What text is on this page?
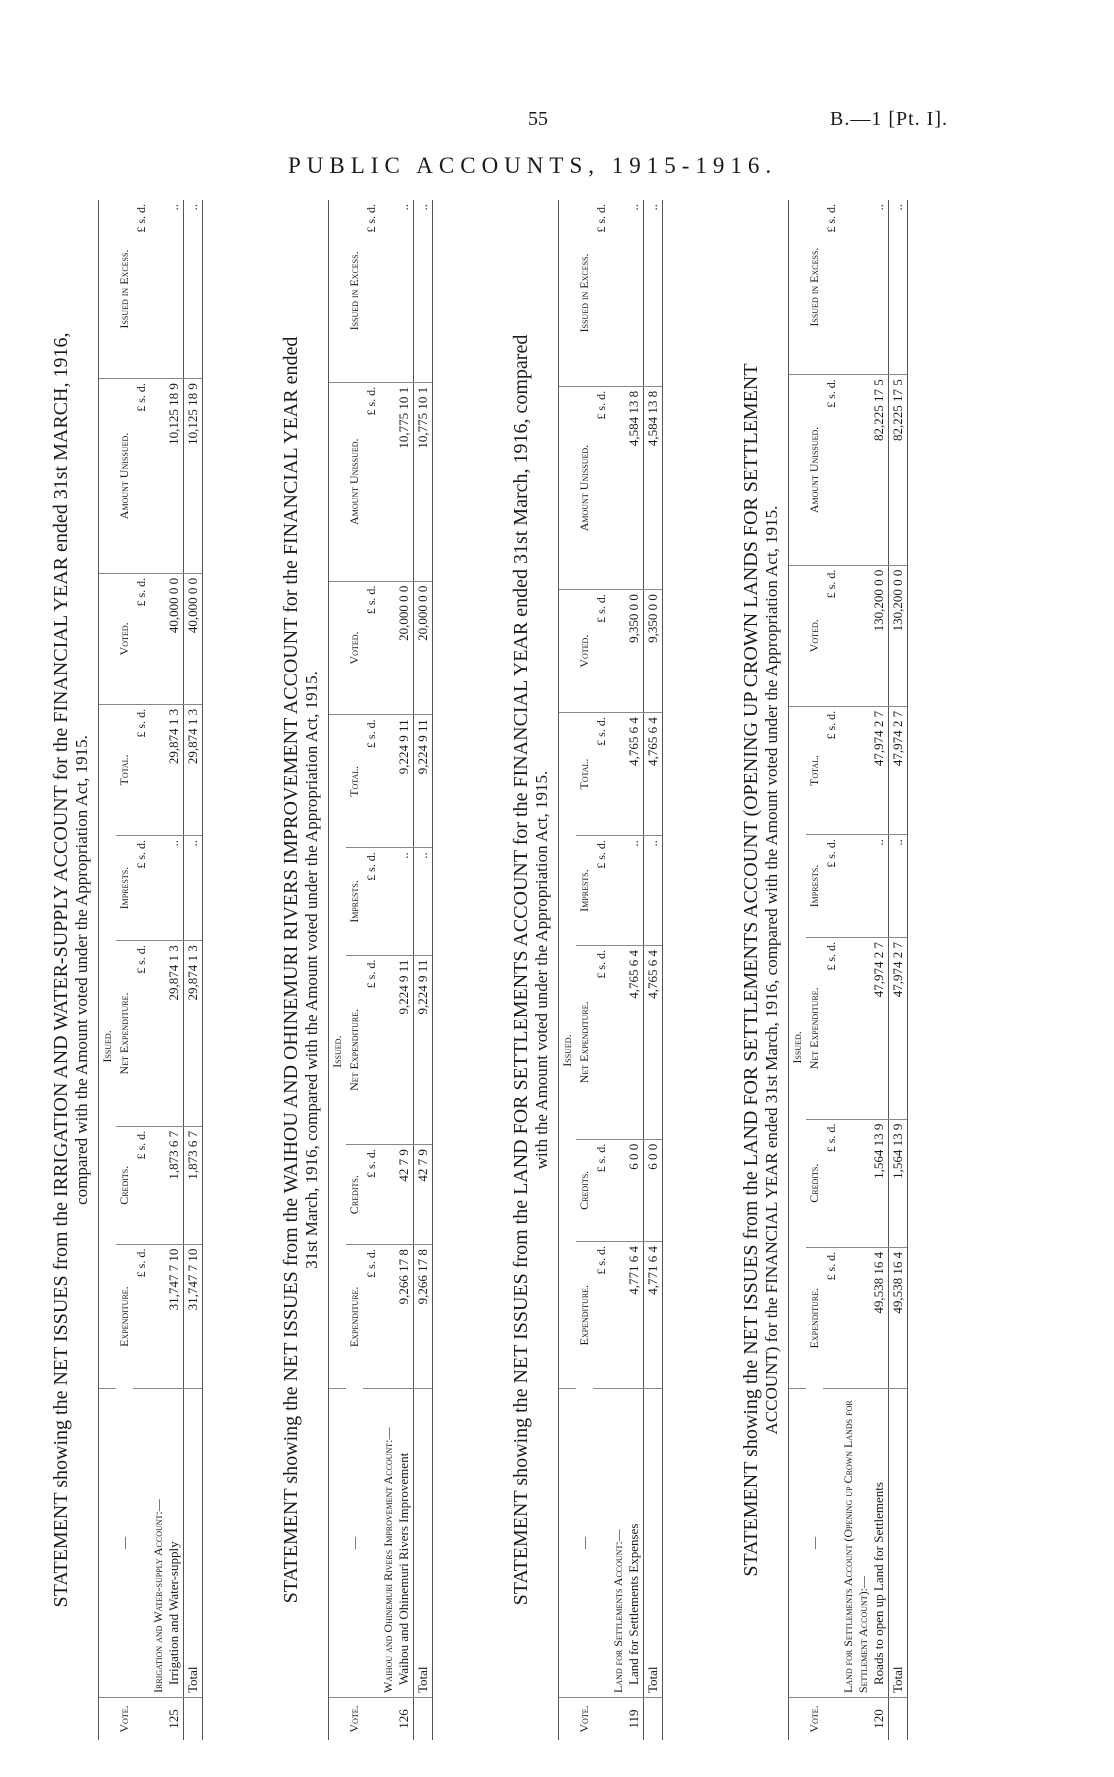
55	B.—1 [Pt. I].
PUBLIC ACCOUNTS, 1915-1916.
STATEMENT showing the NET ISSUES from the IRRIGATION AND WATER-SUPPLY ACCOUNT for the FINANCIAL YEAR ended 31st MARCH, 1916, compared with the Amount voted under the Appropriation Act, 1915.
Vote.	—	Issued.					Voted.	Amount Unissued.	Issued in Excess.
		Expenditure.	Credits.	Net Expenditure.	Imprests.	Total.			
		£ s. d.	£ s. d.	£ s. d.	£ s. d.	£ s. d.	£ s. d.	£ s. d.	£ s. d.
125	Irrigation and Water-supply Account:— Irrigation and Water-supply	31,747 7 10	1,873 6 7	29,874 1 3	..	29,874 1 3	40,000 0 0	10,125 18 9	..
	Total	31,747 7 10	1,873 6 7	29,874 1 3	..	29,874 1 3	40,000 0 0	10,125 18 9	..
STATEMENT showing the NET ISSUES from the WAIHOU AND OHINEMURI RIVERS IMPROVEMENT ACCOUNT for the FINANCIAL YEAR ended 31st March, 1916, compared with the Amount voted under the Appropriation Act, 1915.
Vote.	—	Issued.					Voted.	Amount Unissued.	Issued in Excess.
		Expenditure.	Credits.	Net Expenditure.	Imprests.	Total.			
		£ s. d.	£ s. d.	£ s. d.	£ s. d.	£ s. d.	£ s. d.	£ s. d.	£ s. d.
126	Waihou and Ohinemuri Rivers Improvement Account:— Waihou and Ohinemuri Rivers Improvement	9,266 17 8	42 7 9	9,224 9 11	..	9,224 9 11	20,000 0 0	10,775 10 1	..
	Total	9,266 17 8	42 7 9	9,224 9 11	..	9,224 9 11	20,000 0 0	10,775 10 1	..
STATEMENT showing the NET ISSUES from the LAND FOR SETTLEMENTS ACCOUNT for the FINANCIAL YEAR ended 31st March, 1916, compared with the Amount voted under the Appropriation Act, 1915.
Vote.	—	Issued.					Voted.	Amount Unissued.	Issued in Excess.
		Expenditure.	Credits.	Net Expenditure.	Imprests.	Total.			
		£ s. d.	£ s. d.	£ s. d.	£ s. d.	£ s. d.	£ s. d.	£ s. d.	£ s. d.
119	Land for Settlements Account:— Land for Settlements Expenses	4,771 6 4	6 0 0	4,765 6 4	..	4,765 6 4	9,350 0 0	4,584 13 8	..
	Total	4,771 6 4	6 0 0	4,765 6 4	..	4,765 6 4	9,350 0 0	4,584 13 8	..
STATEMENT showing the NET ISSUES from the LAND FOR SETTLEMENTS ACCOUNT (OPENING UP CROWN LANDS FOR SETTLEMENT ACCOUNT) for the FINANCIAL YEAR ended 31st March, 1916, compared with the Amount voted under the Appropriation Act, 1915.
Vote.	—	Issued.					Voted.	Amount Unissued.	Issued in Excess.
		Expenditure.	Credits.	Net Expenditure.	Imprests.	Total.			
		£ s. d.	£ s. d.	£ s. d.	£ s. d.	£ s. d.	£ s. d.	£ s. d.	£ s. d.
120	Land for Settlements Account (Opening up Crown Lands for Settlement Account):— Roads to open up Land for Settlements	49,538 16 4	1,564 13 9	47,974 2 7	..	47,974 2 7	130,200 0 0	82,225 17 5	..
	Total	49,538 16 4	1,564 13 9	47,974 2 7	..	47,974 2 7	130,200 0 0	82,225 17 5	..
